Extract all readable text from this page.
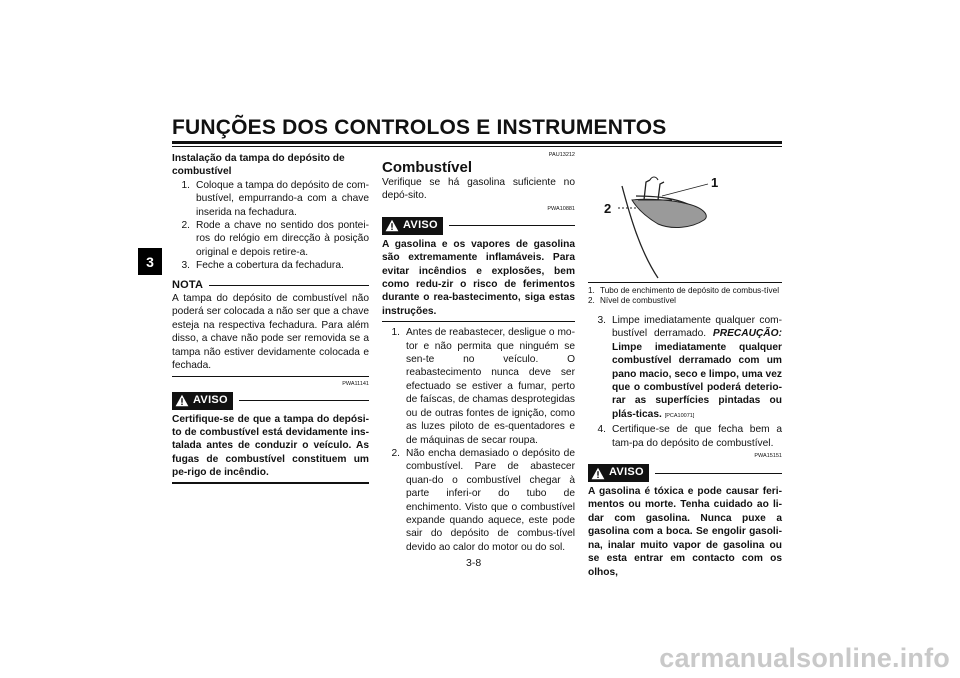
FUNÇÕES DOS CONTROLOS E INSTRUMENTOS
3

Instalação da tampa do depósito de combustível

1. Coloque a tampa do depósito de com-bustível, empurrando-a com a chave inserida na fechadura.
2. Rode a chave no sentido dos pontei-ros do relógio em direcção à posição original e depois retire-a.
3. Feche a cobertura da fechadura.
NOTA

A tampa do depósito de combustível não poderá ser colocada a não ser que a chave esteja na respectiva fechadura. Para além disso, a chave não pode ser removida se a tampa não estiver devidamente colocada e fechada.

PWA11141

AVISO

Certifique-se de que a tampa do depósi-to de combustível está devidamente ins-talada antes de conduzir o veículo. As fugas de combustível constituem um pe-rigo de incêndio.

PAU13212

Combustível

Verifique se há gasolina suficiente no depó-sito.

PWA10881

AVISO

A gasolina e os vapores de gasolina são extremamente inflamáveis. Para evitar incêndios e explosões, bem como redu-zir o risco de ferimentos durante o rea-bastecimento, siga estas instruções.

1. Antes de reabastecer, desligue o mo-tor e não permita que ninguém se sen-te no veículo. O reabastecimento nunca deve ser efectuado se estiver a fumar, perto de faíscas, de chamas desprotegidas ou de outras fontes de ignição, como as luzes piloto de es-quentadores e de máquinas de secar roupa.
2. Não encha demasiado o depósito de combustível. Pare de abastecer quan-do o combustível chegar à parte inferi-or do tubo de enchimento. Visto que o combustível expande quando aquece, este pode sair do depósito de combus-tível devido ao calor do motor ou do sol.
1
2
1. Tubo de enchimento de depósito de combus-tível
2. Nível de combustível
3. Limpe imediatamente qualquer com-bustível derramado. PRECAUÇÃO: Limpe imediatamente qualquer combustível derramado com um pano macio, seco e limpo, uma vez que o combustível poderá deterio-rar as superfícies pintadas ou plás-ticas. [PCA10071]
4. Certifique-se de que fecha bem a tam-pa do depósito de combustível.

PWA15151

AVISO

A gasolina é tóxica e pode causar feri-mentos ou morte. Tenha cuidado ao li-dar com gasolina. Nunca puxe a gasolina com a boca. Se engolir gasoli-na, inalar muito vapor de gasolina ou se esta entrar em contacto com os olhos,

3-8
carmanualsonline.info
